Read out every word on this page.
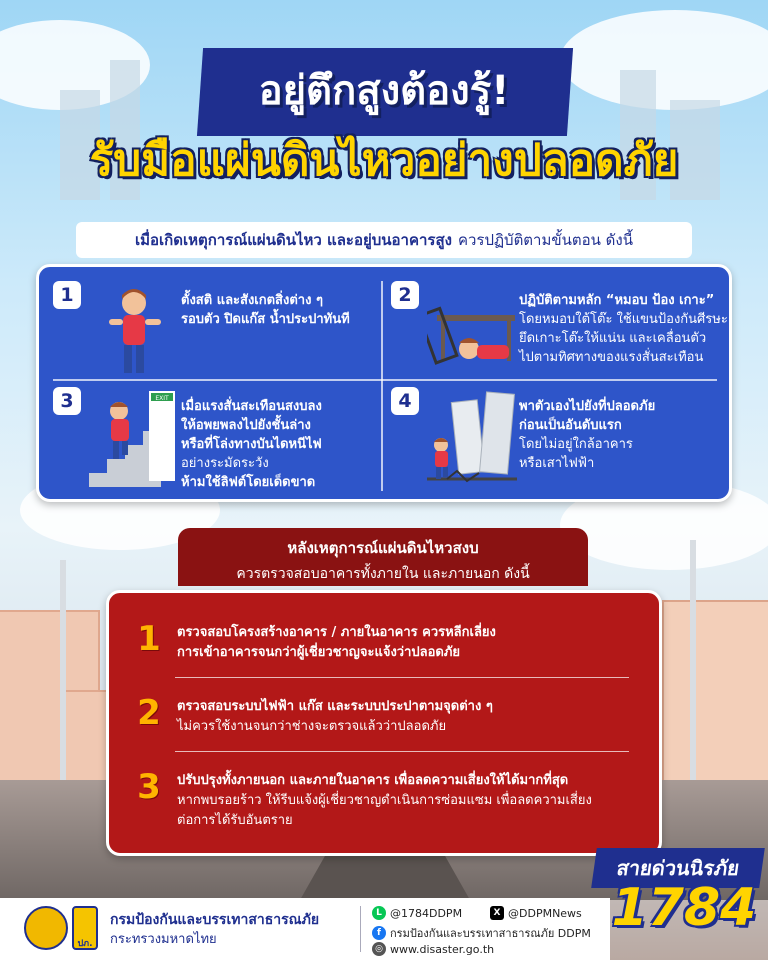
อยู่ตึกสูงต้องรู้!
รับมือแผ่นดินไหวอย่างปลอดภัย
เมื่อเกิดเหตุการณ์แผ่นดินไหว และอยู่บนอาคารสูง ควรปฏิบัติตามขั้นตอน ดังนี้
1	ตั้งสติ และสังเกตสิ่งต่าง ๆ
รอบตัว ปิดแก๊ส น้ำประปาทันที
2	ปฏิบัติตามหลัก “หมอบ ป้อง เกาะ”
โดยหมอบใต้โต๊ะ ใช้แขนป้องกันศีรษะ
ยึดเกาะโต๊ะให้แน่น และเคลื่อนตัว
ไปตามทิศทางของแรงสั่นสะเทือน
3	EXIT
เมื่อแรงสั่นสะเทือนสงบลง
ให้อพยพลงไปยังชั้นล่าง
หรือที่โล่งทางบันไดหนีไฟ
อย่างระมัดระวัง
ห้ามใช้ลิฟต์โดยเด็ดขาด
4	พาตัวเองไปยังที่ปลอดภัย
ก่อนเป็นอันดับแรก
โดยไม่อยู่ใกล้อาคาร
หรือเสาไฟฟ้า
หลังเหตุการณ์แผ่นดินไหวสงบ
ควรตรวจสอบอาคารทั้งภายใน และภายนอก ดังนี้
1	ตรวจสอบโครงสร้างอาคาร / ภายในอาคาร ควรหลีกเลี่ยง
การเข้าอาคารจนกว่าผู้เชี่ยวชาญจะแจ้งว่าปลอดภัย
2	ตรวจสอบระบบไฟฟ้า แก๊ส และระบบประปาตามจุดต่าง ๆ
ไม่ควรใช้งานจนกว่าช่างจะตรวจแล้วว่าปลอดภัย
3	ปรับปรุงทั้งภายนอก และภายในอาคาร เพื่อลดความเสี่ยงให้ได้มากที่สุด
หากพบรอยร้าว ให้รีบแจ้งผู้เชี่ยวชาญดำเนินการซ่อมแซม เพื่อลดความเสี่ยง
ต่อการได้รับอันตราย
สายด่วนนิรภัย
1784
ปภ.
กรมป้องกันและบรรเทาสาธารณภัย
กระทรวงมหาดไทย
L @1784DDPM	X @DDPMNews
f กรมป้องกันและบรรเทาสาธารณภัย DDPM
◎ www.disaster.go.th
